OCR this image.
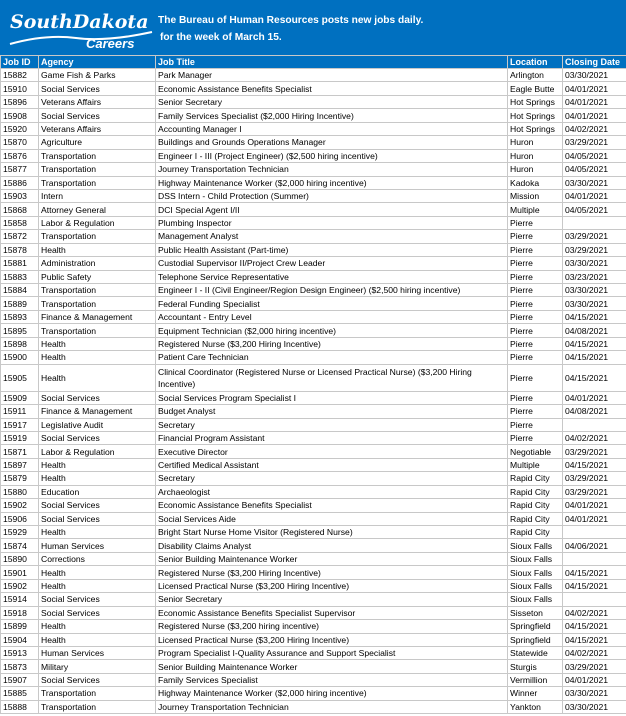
SouthDakota
Careers
The Bureau of Human Resources posts new jobs daily.
for the week of March 15.
Job ID	Agency	Job Title	Location	Closing Date
15882	Game Fish & Parks	Park Manager	Arlington	03/30/2021
15910	Social Services	Economic Assistance Benefits Specialist	Eagle Butte	04/01/2021
15896	Veterans Affairs	Senior Secretary	Hot Springs	04/01/2021
15908	Social Services	Family Services Specialist ($2,000 Hiring Incentive)	Hot Springs	04/01/2021
15920	Veterans Affairs	Accounting Manager I	Hot Springs	04/02/2021
15870	Agriculture	Buildings and Grounds Operations Manager	Huron	03/29/2021
15876	Transportation	Engineer I - III (Project Engineer) ($2,500 hiring incentive)	Huron	04/05/2021
15877	Transportation	Journey Transportation Technician	Huron	04/05/2021
15886	Transportation	Highway Maintenance Worker ($2,000 hiring incentive)	Kadoka	03/30/2021
15903	Intern	DSS Intern - Child Protection (Summer)	Mission	04/01/2021
15868	Attorney General	DCI Special Agent I/II	Multiple	04/05/2021
15858	Labor & Regulation	Plumbing Inspector	Pierre	
15872	Transportation	Management Analyst	Pierre	03/29/2021
15878	Health	Public Health Assistant (Part-time)	Pierre	03/29/2021
15881	Administration	Custodial Supervisor II/Project Crew Leader	Pierre	03/30/2021
15883	Public Safety	Telephone Service Representative	Pierre	03/23/2021
15884	Transportation	Engineer I - II (Civil Engineer/Region Design Engineer) ($2,500 hiring incentive)	Pierre	03/30/2021
15889	Transportation	Federal Funding Specialist	Pierre	03/30/2021
15893	Finance & Management	Accountant - Entry Level	Pierre	04/15/2021
15895	Transportation	Equipment Technician ($2,000 hiring incentive)	Pierre	04/08/2021
15898	Health	Registered Nurse ($3,200 Hiring Incentive)	Pierre	04/15/2021
15900	Health	Patient Care Technician	Pierre	04/15/2021
15905	Health	Clinical Coordinator (Registered Nurse or Licensed Practical Nurse) ($3,200 Hiring Incentive)	Pierre	04/15/2021
15909	Social Services	Social Services Program Specialist I	Pierre	04/01/2021
15911	Finance & Management	Budget Analyst	Pierre	04/08/2021
15917	Legislative Audit	Secretary	Pierre	
15919	Social Services	Financial Program Assistant	Pierre	04/02/2021
15871	Labor & Regulation	Executive Director	Negotiable	03/29/2021
15897	Health	Certified Medical Assistant	Multiple	04/15/2021
15879	Health	Secretary	Rapid City	03/29/2021
15880	Education	Archaeologist	Rapid City	03/29/2021
15902	Social Services	Economic Assistance Benefits Specialist	Rapid City	04/01/2021
15906	Social Services	Social Services Aide	Rapid City	04/01/2021
15929	Health	Bright Start Nurse Home Visitor (Registered Nurse)	Rapid City	
15874	Human Services	Disability Claims Analyst	Sioux Falls	04/06/2021
15890	Corrections	Senior Building Maintenance Worker	Sioux Falls	
15901	Health	Registered Nurse ($3,200 Hiring Incentive)	Sioux Falls	04/15/2021
15902	Health	Licensed Practical Nurse ($3,200 Hiring Incentive)	Sioux Falls	04/15/2021
15914	Social Services	Senior Secretary	Sioux Falls	
15918	Social Services	Economic Assistance Benefits Specialist Supervisor	Sisseton	04/02/2021
15899	Health	Registered Nurse ($3,200 hiring incentive)	Springfield	04/15/2021
15904	Health	Licensed Practical Nurse ($3,200 Hiring Incentive)	Springfield	04/15/2021
15913	Human Services	Program Specialist I-Quality Assurance and Support Specialist	Statewide	04/02/2021
15873	Military	Senior Building Maintenance Worker	Sturgis	03/29/2021
15907	Social Services	Family Services Specialist	Vermillion	04/01/2021
15885	Transportation	Highway Maintenance Worker ($2,000 hiring incentive)	Winner	03/30/2021
15888	Transportation	Journey Transportation Technician	Yankton	03/30/2021
